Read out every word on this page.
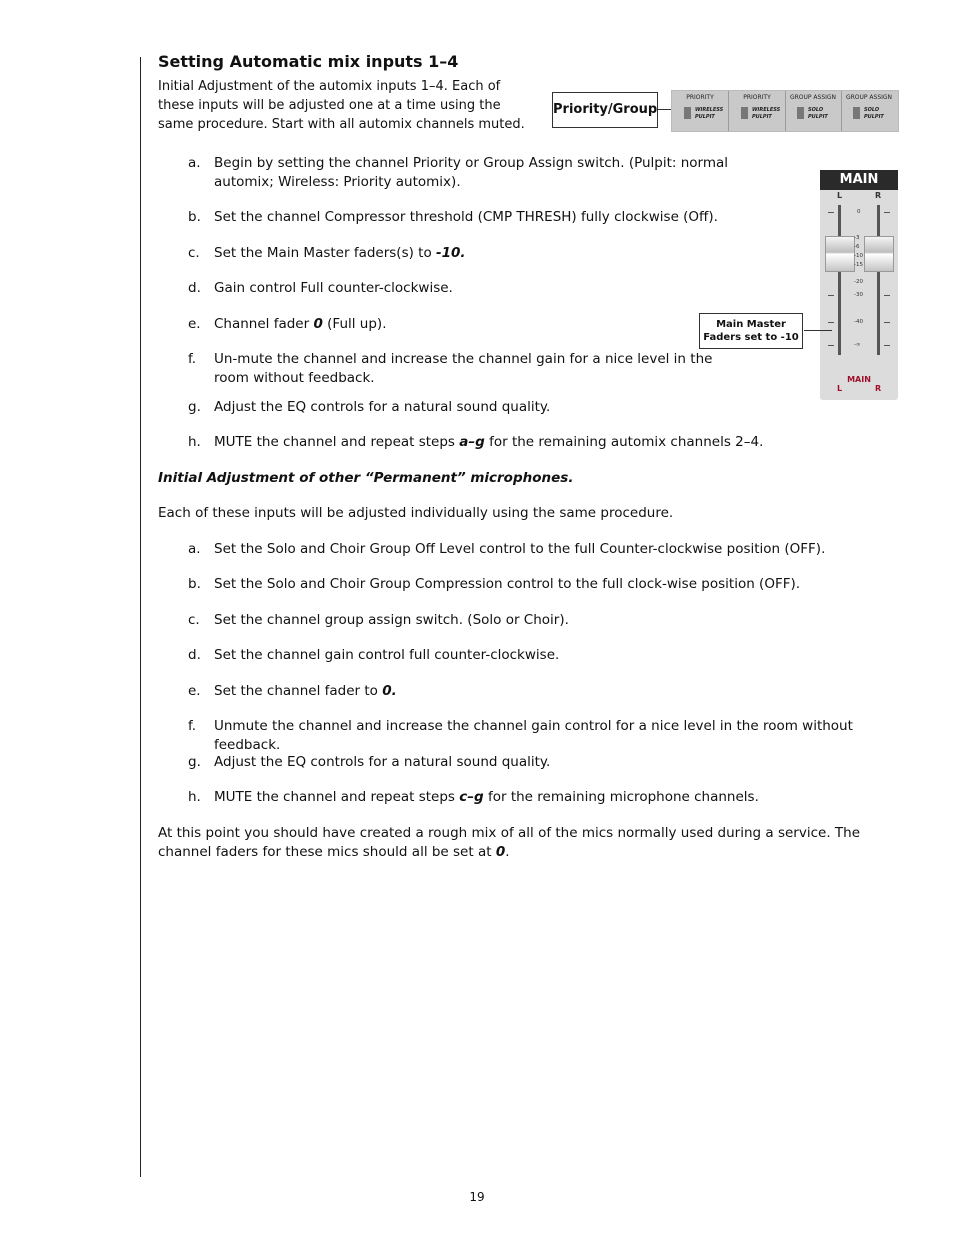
Setting Automatic mix inputs 1–4

Initial Adjustment of the automix inputs 1–4. Each of these inputs will be adjusted one at a time using the same procedure. Start with all automix channels muted.

Priority/Group
PRIORITY
WIRELESS
PULPIT
PRIORITY
WIRELESS
PULPIT
GROUP ASSIGN
SOLO
PULPIT
GROUP ASSIGN
SOLO
PULPIT
MAIN
L	R
0
-3
-6
-10
-15
-20
-30
-40
-∞
MAIN
L	R
Main Master
Faders set to -10
a. Begin by setting the channel Priority or Group Assign switch. (Pulpit: normal
automix; Wireless: Priority automix).
b. Set the channel Compressor threshold (CMP THRESH) fully clockwise (Off).
c.	Set the Main Master faders(s) to -10.
d. Gain control Full counter-clockwise.
e. Channel fader 0 (Full up).
f.	Un-mute the channel and increase the channel gain for a nice level in the
room without feedback.
g. Adjust the EQ controls for a natural sound quality.
h. MUTE the channel and repeat steps a–g for the remaining automix channels 2–4.

Initial Adjustment of other “Permanent” microphones.

Each of these inputs will be adjusted individually using the same procedure.

a. Set the Solo and Choir Group Off Level control to the full Counter-clockwise position (OFF).
b. Set the Solo and Choir Group Compression control to the full clock-wise position (OFF).
c.	Set the channel group assign switch. (Solo or Choir).
d. Set the channel gain control full counter-clockwise.
e. Set the channel fader to 0.
f.	Unmute the channel and increase the channel gain control for a nice level in the room without feedback.
g. Adjust the EQ controls for a natural sound quality.
h. MUTE the channel and repeat steps c–g for the remaining microphone channels.

At this point you should have created a rough mix of all of the mics normally used during a service. The channel faders for these mics should all be set at 0.

19
